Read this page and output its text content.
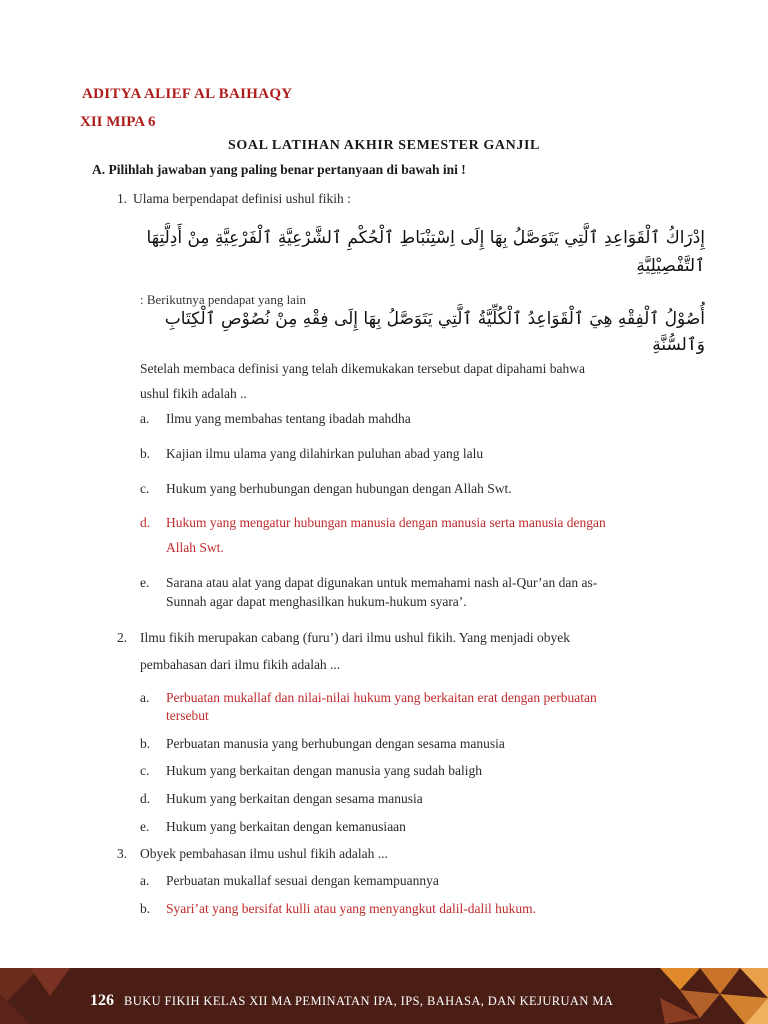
ADITYA ALIEF AL BAIHAQY
XII MIPA 6
SOAL LATIHAN AKHIR SEMESTER GANJIL
A. Pilihlah jawaban yang paling benar pertanyaan di bawah ini !
1. Ulama berpendapat definisi ushul fikih :
إِدْرَاكُ ٱلْقَوَاعِدِ ٱلَّتِي يَتَوَصَّلُ بِهَا إِلَى اِسْتِنْبَاطِ ٱلْحُكْمِ ٱلشَّرْعِيَّةِ ٱلْفَرْعِيَّةِ مِنْ أَدِلَّتِهَا ٱلتَّفْصِيْلِيَّةِ
: Berikutnya pendapat yang lain
أُصُوْلُ ٱلْفِقْهِ هِيَ ٱلْقَوَاعِدُ ٱلْكُلِّيَّةُ ٱلَّتِي يَتَوَصَّلُ بِهَا إِلَى فِقْهِ مِنْ نُصُوْصِ ٱلْكِتَابِ وَٱلسُّنَّةِ
Setelah membaca definisi yang telah dikemukakan tersebut dapat dipahami bahwa
ushul fikih adalah ..
a. Ilmu yang membahas tentang ibadah mahdha
b. Kajian ilmu ulama yang dilahirkan puluhan abad yang lalu
c. Hukum yang berhubungan dengan hubungan dengan Allah Swt.
d. Hukum yang mengatur hubungan manusia dengan manusia serta manusia dengan
Allah Swt.
e. Sarana atau alat yang dapat digunakan untuk memahami nash al-Qur’an dan as-
Sunnah agar dapat menghasilkan hukum-hukum syara’.
2. Ilmu fikih merupakan cabang (furu’) dari ilmu ushul fikih. Yang menjadi obyek
pembahasan dari ilmu fikih adalah ...
a. Perbuatan mukallaf dan nilai-nilai hukum yang berkaitan erat dengan perbuatan
tersebut
b. Perbuatan manusia yang berhubungan dengan sesama manusia
c. Hukum yang berkaitan dengan manusia yang sudah baligh
d. Hukum yang berkaitan dengan sesama manusia
e. Hukum yang berkaitan dengan kemanusiaan
3. Obyek pembahasan ilmu ushul fikih adalah ...
a. Perbuatan mukallaf sesuai dengan kemampuannya
b. Syari’at yang bersifat kulli atau yang menyangkut dalil-dalil hukum.
126 BUKU FIKIH KELAS XII MA PEMINATAN IPA, IPS, BAHASA, DAN KEJURUAN MA
